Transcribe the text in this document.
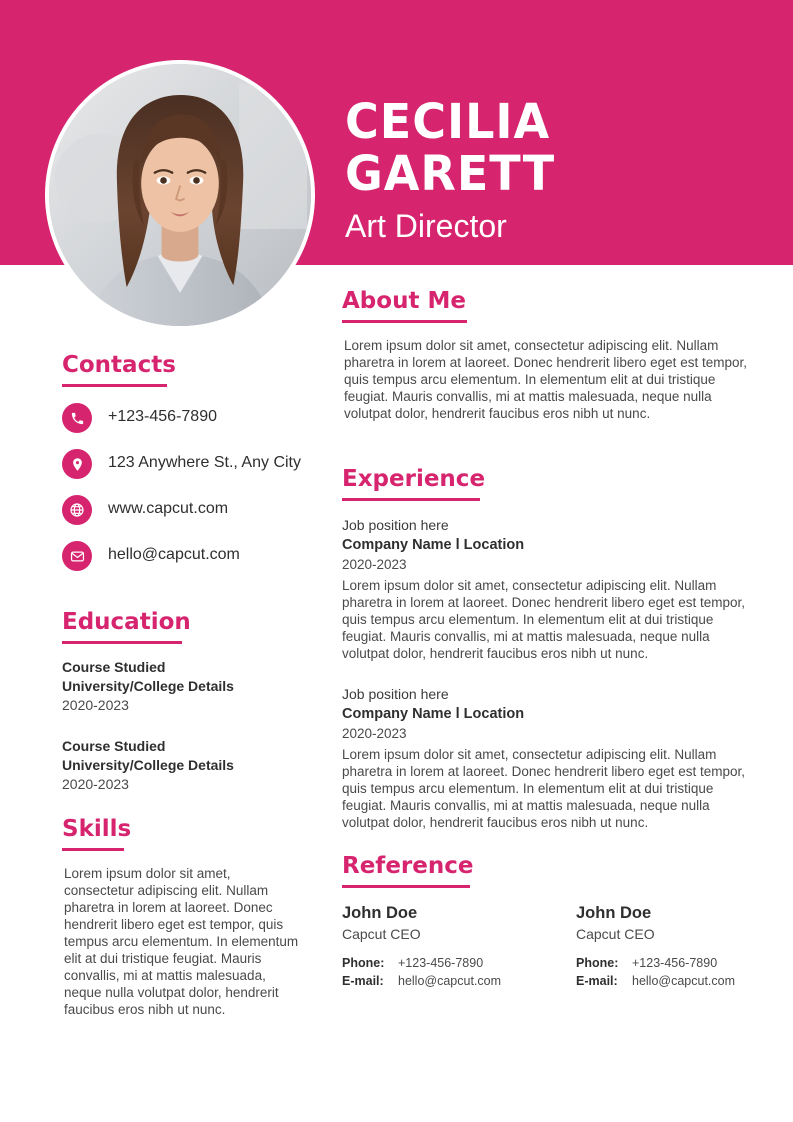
CECILIA GARETT
Art Director
Contacts
+123-456-7890
123 Anywhere St., Any City
www.capcut.com
hello@capcut.com
Education
Course Studied
University/College Details
2020-2023
Course Studied
University/College Details
2020-2023
Skills

Lorem ipsum dolor sit amet, consectetur adipiscing elit. Nullam pharetra in lorem at laoreet. Donec hendrerit libero eget est tempor, quis tempus arcu elementum. In elementum elit at dui tristique feugiat. Mauris convallis, mi at mattis malesuada, neque nulla volutpat dolor, hendrerit faucibus eros nibh ut nunc.

About Me

Lorem ipsum dolor sit amet, consectetur adipiscing elit. Nullam pharetra in lorem at laoreet. Donec hendrerit libero eget est tempor, quis tempus arcu elementum. In elementum elit at dui tristique feugiat. Mauris convallis, mi at mattis malesuada, neque nulla volutpat dolor, hendrerit faucibus eros nibh ut nunc.

Experience
Job position here
Company Name l Location
2020-2023

Lorem ipsum dolor sit amet, consectetur adipiscing elit. Nullam pharetra in lorem at laoreet. Donec hendrerit libero eget est tempor, quis tempus arcu elementum. In elementum elit at dui tristique feugiat. Mauris convallis, mi at mattis malesuada, neque nulla volutpat dolor, hendrerit faucibus eros nibh ut nunc.

Job position here
Company Name l Location
2020-2023

Lorem ipsum dolor sit amet, consectetur adipiscing elit. Nullam pharetra in lorem at laoreet. Donec hendrerit libero eget est tempor, quis tempus arcu elementum. In elementum elit at dui tristique feugiat. Mauris convallis, mi at mattis malesuada, neque nulla volutpat dolor, hendrerit faucibus eros nibh ut nunc.

Reference
John Doe
Capcut CEO
Phone:	+123-456-7890
E-mail:	hello@capcut.com
John Doe
Capcut CEO
Phone:	+123-456-7890
E-mail:	hello@capcut.com
